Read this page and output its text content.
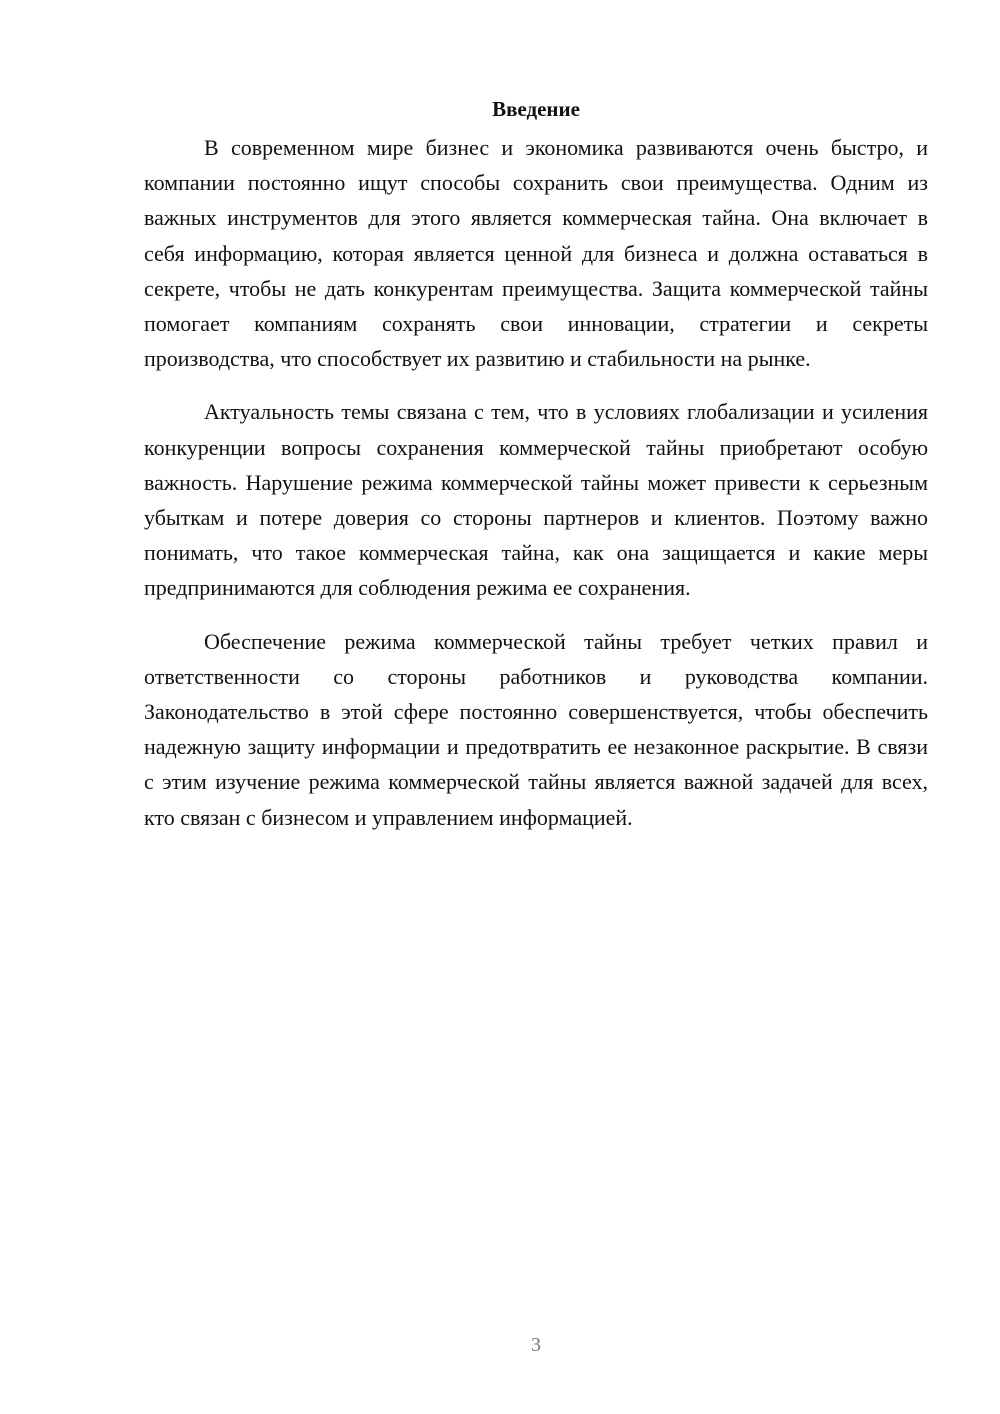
Введение

В современном мире бизнес и экономика развиваются очень быстро, и компании постоянно ищут способы сохранить свои преимущества. Одним из важных инструментов для этого является коммерческая тайна. Она включает в себя информацию, которая является ценной для бизнеса и должна оставаться в секрете, чтобы не дать конкурентам преимущества. Защита коммерческой тайны помогает компаниям сохранять свои инновации, стратегии и секреты производства, что способствует их развитию и стабильности на рынке.

Актуальность темы связана с тем, что в условиях глобализации и усиления конкуренции вопросы сохранения коммерческой тайны приобретают особую важность. Нарушение режима коммерческой тайны может привести к серьезным убыткам и потере доверия со стороны партнеров и клиентов. Поэтому важно понимать, что такое коммерческая тайна, как она защищается и какие меры предпринимаются для соблюдения режима ее сохранения.

Обеспечение режима коммерческой тайны требует четких правил и ответственности со стороны работников и руководства компании. Законодательство в этой сфере постоянно совершенствуется, чтобы обеспечить надежную защиту информации и предотвратить ее незаконное раскрытие. В связи с этим изучение режима коммерческой тайны является важной задачей для всех, кто связан с бизнесом и управлением информацией.

3
